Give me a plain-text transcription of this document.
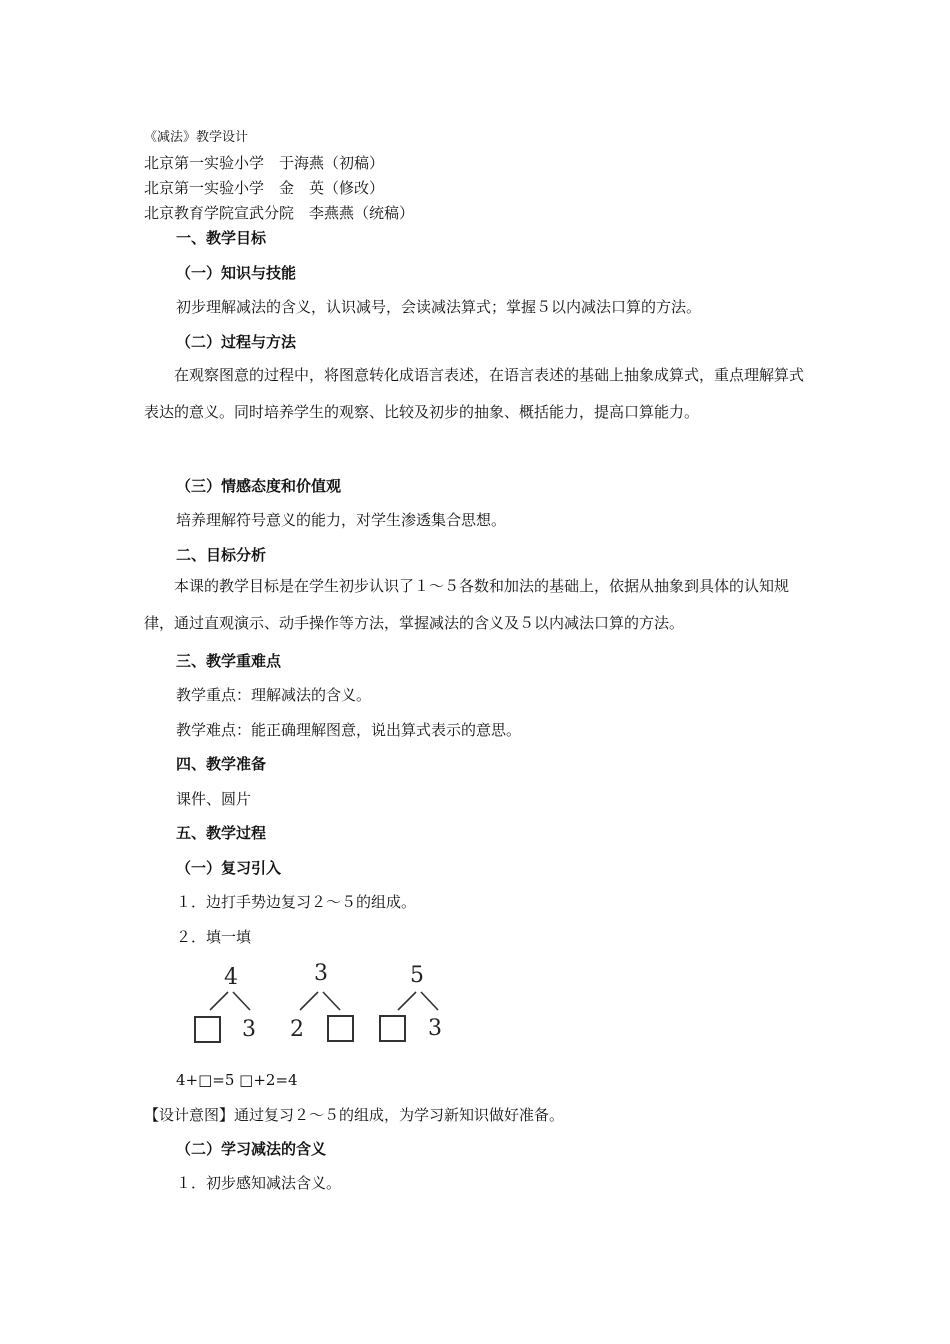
《减法》教学设计
北京第一实验小学　于海燕（初稿）
北京第一实验小学　金　英（修改）
北京教育学院宣武分院　李燕燕（统稿）
一、教学目标
（一）知识与技能
初步理解减法的含义，认识减号，会读减法算式；掌握５以内减法口算的方法。
（二）过程与方法
在观察图意的过程中，将图意转化成语言表述，在语言表述的基础上抽象成算式，重点理解算式表达的意义。同时培养学生的观察、比较及初步的抽象、概括能力，提高口算能力。
（三）情感态度和价值观
培养理解符号意义的能力，对学生渗透集合思想。
二、目标分析
本课的教学目标是在学生初步认识了１～５各数和加法的基础上，依据从抽象到具体的认知规律，通过直观演示、动手操作等方法，掌握减法的含义及５以内减法口算的方法。
三、教学重难点
教学重点：理解减法的含义。
教学难点：能正确理解图意，说出算式表示的意思。
四、教学准备
课件、圆片
五、教学过程
（一）复习引入
１．边打手势边复习２～５的组成。
２．填一填
4
3
3
2
5
3
4+□=5 □+2=4
【设计意图】通过复习２～５的组成，为学习新知识做好准备。
（二）学习减法的含义
１．初步感知减法含义。
